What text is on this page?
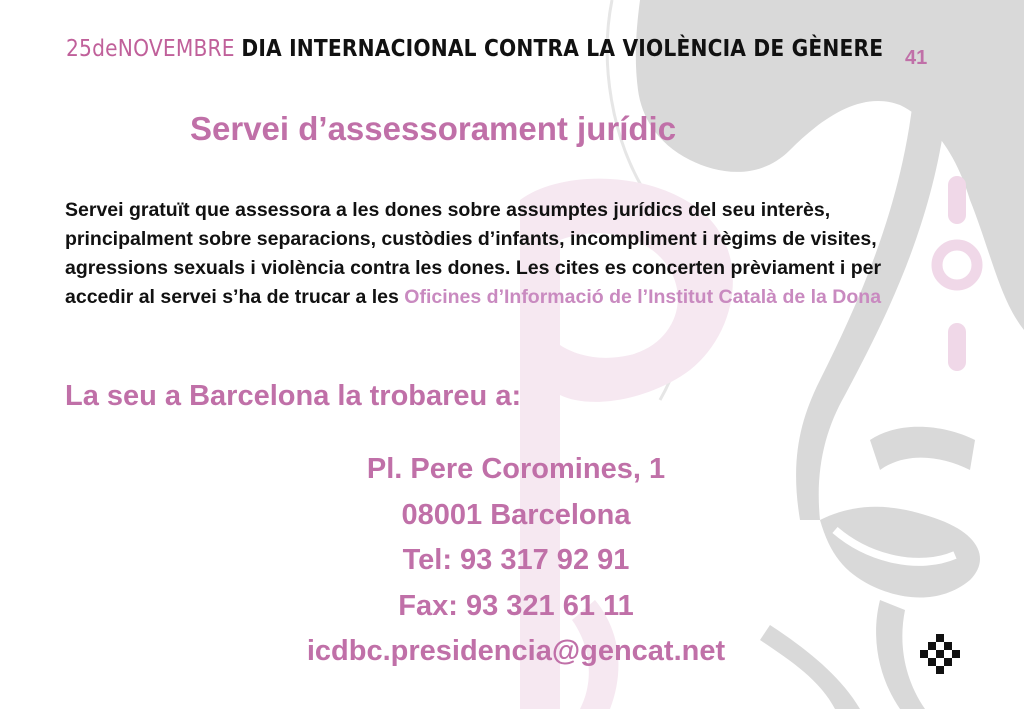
25deNOVEMBRE DIA INTERNACIONAL CONTRA LA VIOLÈNCIA DE GÈNERE 41
Servei d’assessorament jurídic
Servei gratuït que assessora a les dones sobre assumptes jurídics del seu interès, principalment sobre separacions, custòdies d’infants, incompliment i règims de visites, agressions sexuals i violència contra les dones. Les cites es concerten prèviament i per accedir al servei s’ha de trucar a les Oficines d’Informació de l’Institut Català de la Dona
La seu a Barcelona la trobareu a:
Pl. Pere Coromines, 1
08001 Barcelona
Tel: 93 317 92 91
Fax: 93 321 61 11
icdbc.presidencia@gencat.net
